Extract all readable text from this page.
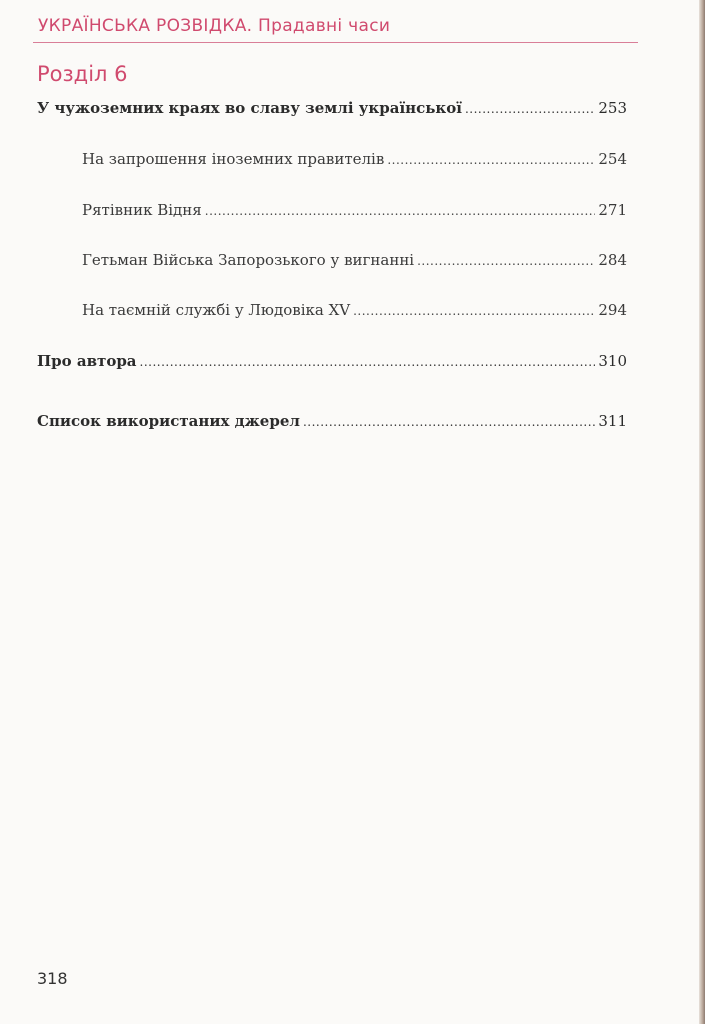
УКРАЇНСЬКА РОЗВІДКА. Прадавні часи
Розділ 6
У чужоземних краях во славу землі української .....	253
На запрошення іноземних правителів .....	254
Рятівник Відня .....	271
Гетьман Війська Запорозького у вигнанні .....	284
На таємній службі у Людовіка XV .....	294
Про автора .....	310
Список використаних джерел .....	311
318
